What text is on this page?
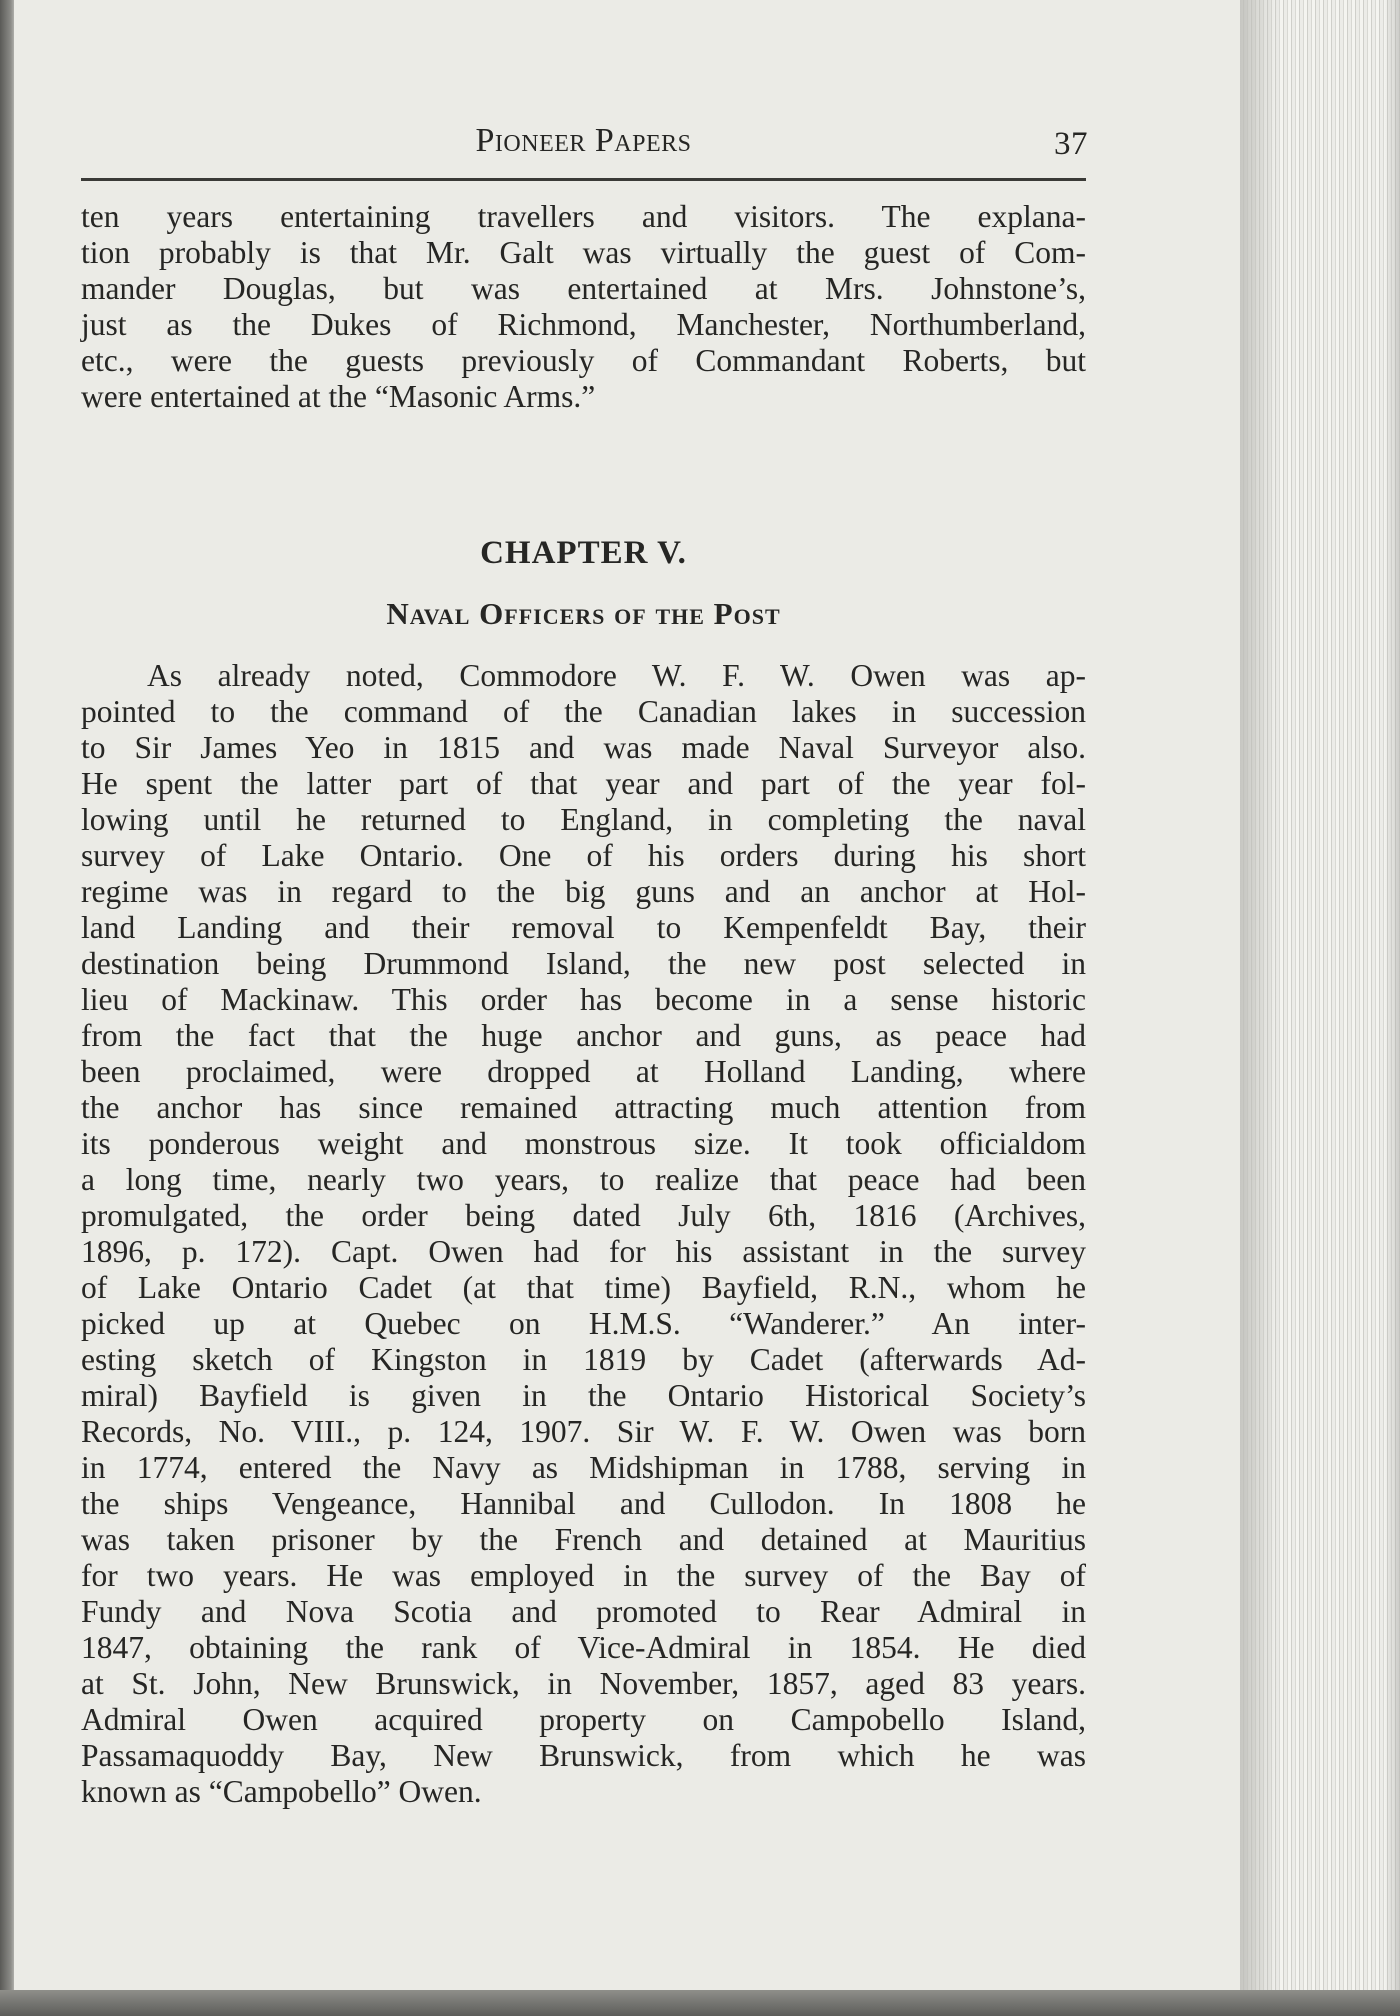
Pioneer Papers	37

ten years entertaining travellers and visitors. The explana-
tion probably is that Mr. Galt was virtually the guest of Com-
mander Douglas, but was entertained at Mrs. Johnstone’s,
just as the Dukes of Richmond, Manchester, Northumberland,
etc., were the guests previously of Commandant Roberts, but
were entertained at the “Masonic Arms.”

CHAPTER V.
Naval Officers of the Post

As already noted, Commodore W. F. W. Owen was ap-
pointed to the command of the Canadian lakes in succession
to Sir James Yeo in 1815 and was made Naval Surveyor also.
He spent the latter part of that year and part of the year fol-
lowing until he returned to England, in completing the naval
survey of Lake Ontario. One of his orders during his short
regime was in regard to the big guns and an anchor at Hol-
land Landing and their removal to Kempenfeldt Bay, their
destination being Drummond Island, the new post selected in
lieu of Mackinaw. This order has become in a sense historic
from the fact that the huge anchor and guns, as peace had
been proclaimed, were dropped at Holland Landing, where
the anchor has since remained attracting much attention from
its ponderous weight and monstrous size. It took officialdom
a long time, nearly two years, to realize that peace had been
promulgated, the order being dated July 6th, 1816 (Archives,
1896, p. 172). Capt. Owen had for his assistant in the survey
of Lake Ontario Cadet (at that time) Bayfield, R.N., whom he
picked up at Quebec on H.M.S. “Wanderer.” An inter-
esting sketch of Kingston in 1819 by Cadet (afterwards Ad-
miral) Bayfield is given in the Ontario Historical Society’s
Records, No. VIII., p. 124, 1907. Sir W. F. W. Owen was born
in 1774, entered the Navy as Midshipman in 1788, serving in
the ships Vengeance, Hannibal and Cullodon. In 1808 he
was taken prisoner by the French and detained at Mauritius
for two years. He was employed in the survey of the Bay of
Fundy and Nova Scotia and promoted to Rear Admiral in
1847, obtaining the rank of Vice-Admiral in 1854. He died
at St. John, New Brunswick, in November, 1857, aged 83 years.
Admiral Owen acquired property on Campobello Island,
Passamaquoddy Bay, New Brunswick, from which he was
known as “Campobello” Owen.
